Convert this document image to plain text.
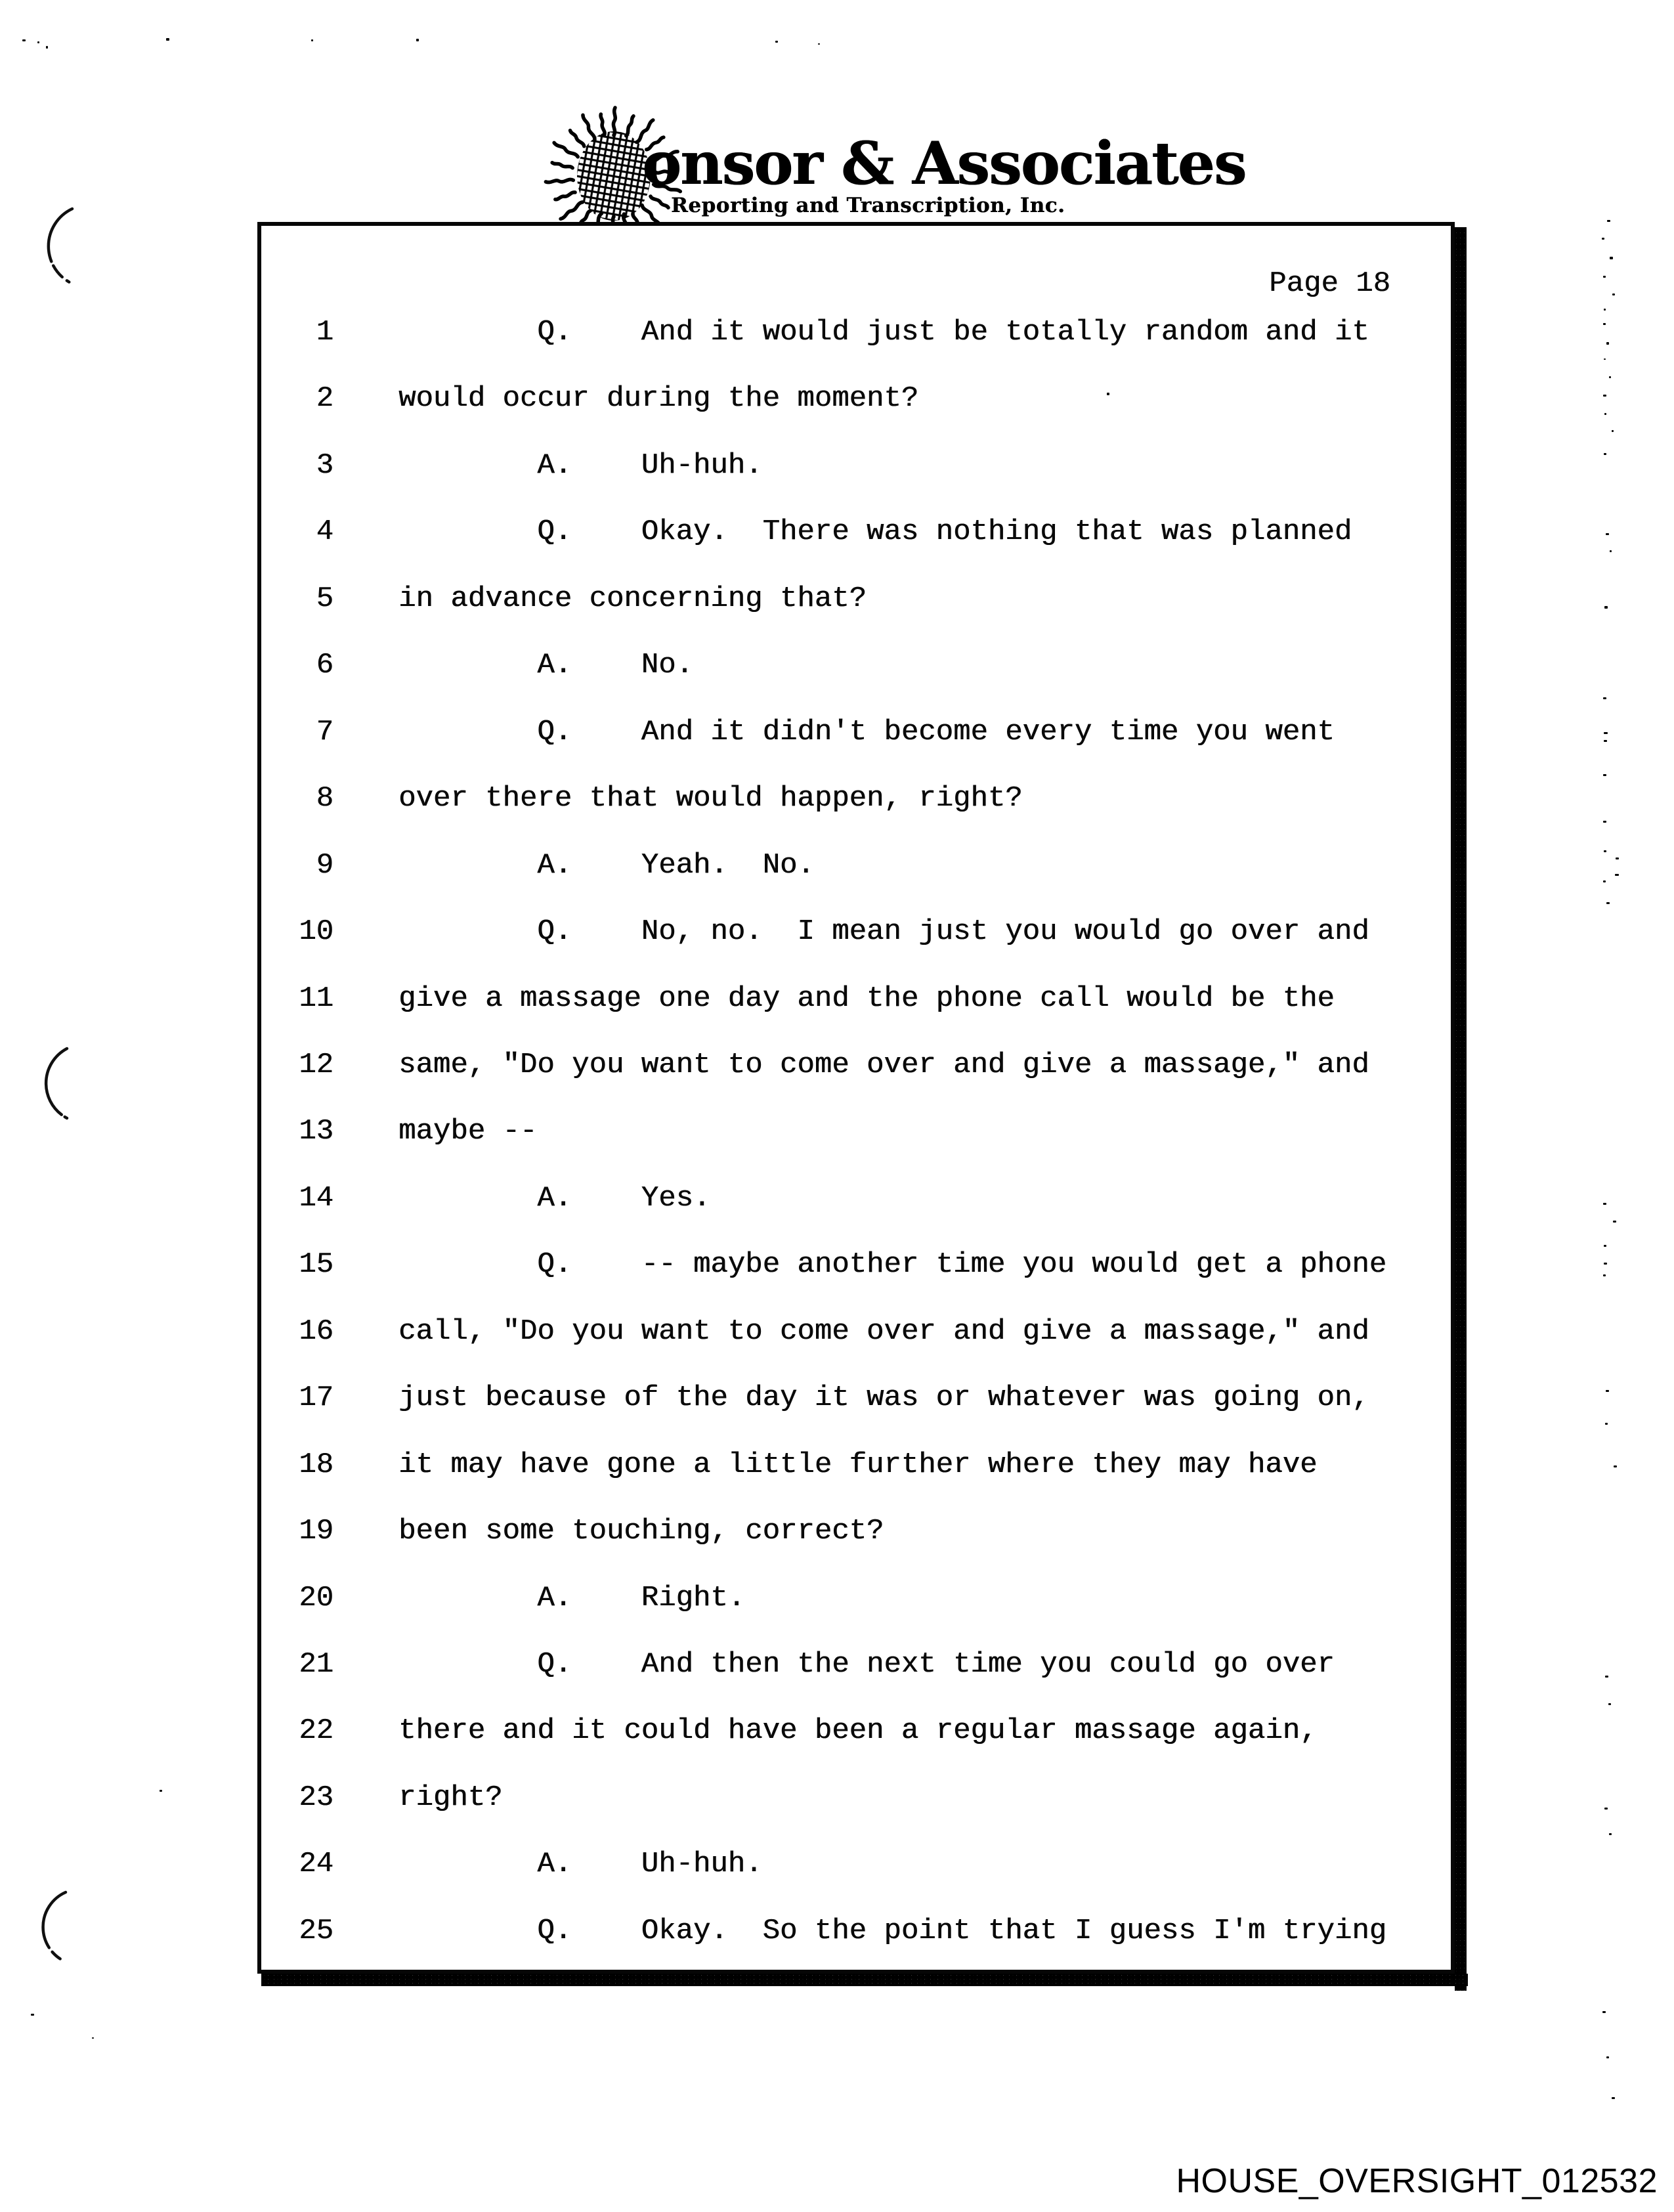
onsor & Associates
Reporting and Transcription, Inc.
Page 18
1 Q.    And it would just be totally random and it
2 would occur during the moment?
3 A.    Uh-huh.
4 Q.    Okay.  There was nothing that was planned
5 in advance concerning that?
6 A.    No.
7 Q.    And it didn't become every time you went
8 over there that would happen, right?
9 A.    Yeah.  No.
10 Q.    No, no.  I mean just you would go over and
11 give a massage one day and the phone call would be the
12 same, "Do you want to come over and give a massage," and
13 maybe --
14 A.    Yes.
15 Q.    -- maybe another time you would get a phone
16 call, "Do you want to come over and give a massage," and
17 just because of the day it was or whatever was going on,
18 it may have gone a little further where they may have
19 been some touching, correct?
20 A.    Right.
21 Q.    And then the next time you could go over
22 there and it could have been a regular massage again,
23 right?
24 A.    Uh-huh.
25 Q.    Okay.  So the point that I guess I'm trying
HOUSE_OVERSIGHT_012532
